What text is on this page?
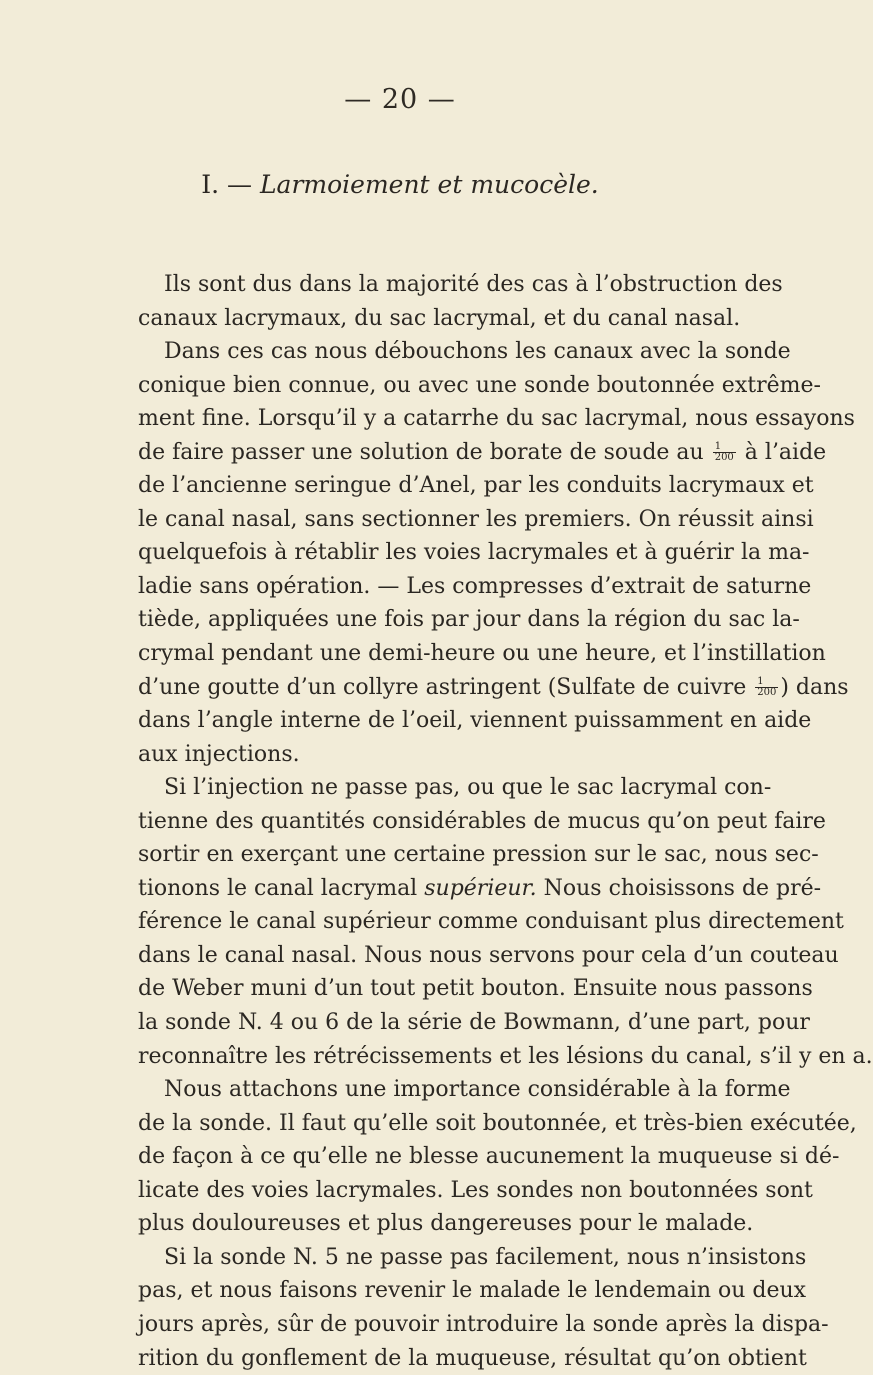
— 20 —
I. — Larmoiement et mucocèle.
Ils sont dus dans la majorité des cas à l’obstruction des
canaux lacrymaux, du sac lacrymal, et du canal nasal.
Dans ces cas nous débouchons les canaux avec la sonde
conique bien connue, ou avec une sonde boutonnée extrême-
ment fine. Lorsqu’il y a catarrhe du sac lacrymal, nous essayons
de faire passer une solution de borate de soude au $\frac{1}{200}$ à l’aide
de l’ancienne seringue d’Anel, par les conduits lacrymaux et
le canal nasal, sans sectionner les premiers. On réussit ainsi
quelquefois à rétablir les voies lacrymales et à guérir la ma-
ladie sans opération. — Les compresses d’extrait de saturne
tiède, appliquées une fois par jour dans la région du sac la-
crymal pendant une demi-heure ou une heure, et l’instillation
d’une goutte d’un collyre astringent (Sulfate de cuivre $\frac{1}{200}$ ) dans
dans l’angle interne de l’oeil, viennent puissamment en aide
aux injections.
Si l’injection ne passe pas, ou que le sac lacrymal con-
tienne des quantités considérables de mucus qu’on peut faire
sortir en exerçant une certaine pression sur le sac, nous sec-
tionons le canal lacrymal supérieur. Nous choisissons de pré-
férence le canal supérieur comme conduisant plus directement
dans le canal nasal. Nous nous servons pour cela d’un couteau
de Weber muni d’un tout petit bouton. Ensuite nous passons
la sonde N. 4 ou 6 de la série de Bowmann, d’une part, pour
reconnaître les rétrécissements et les lésions du canal, s’il y en a.
Nous attachons une importance considérable à la forme
de la sonde. Il faut qu’elle soit boutonnée, et très-bien exécutée,
de façon à ce qu’elle ne blesse aucunement la muqueuse si dé-
licate des voies lacrymales. Les sondes non boutonnées sont
plus douloureuses et plus dangereuses pour le malade.
Si la sonde N. 5 ne passe pas facilement, nous n’insistons
pas, et nous faisons revenir le malade le lendemain ou deux
jours après, sûr de pouvoir introduire la sonde après la dispa-
rition du gonflement de la muqueuse, résultat qu’on obtient
